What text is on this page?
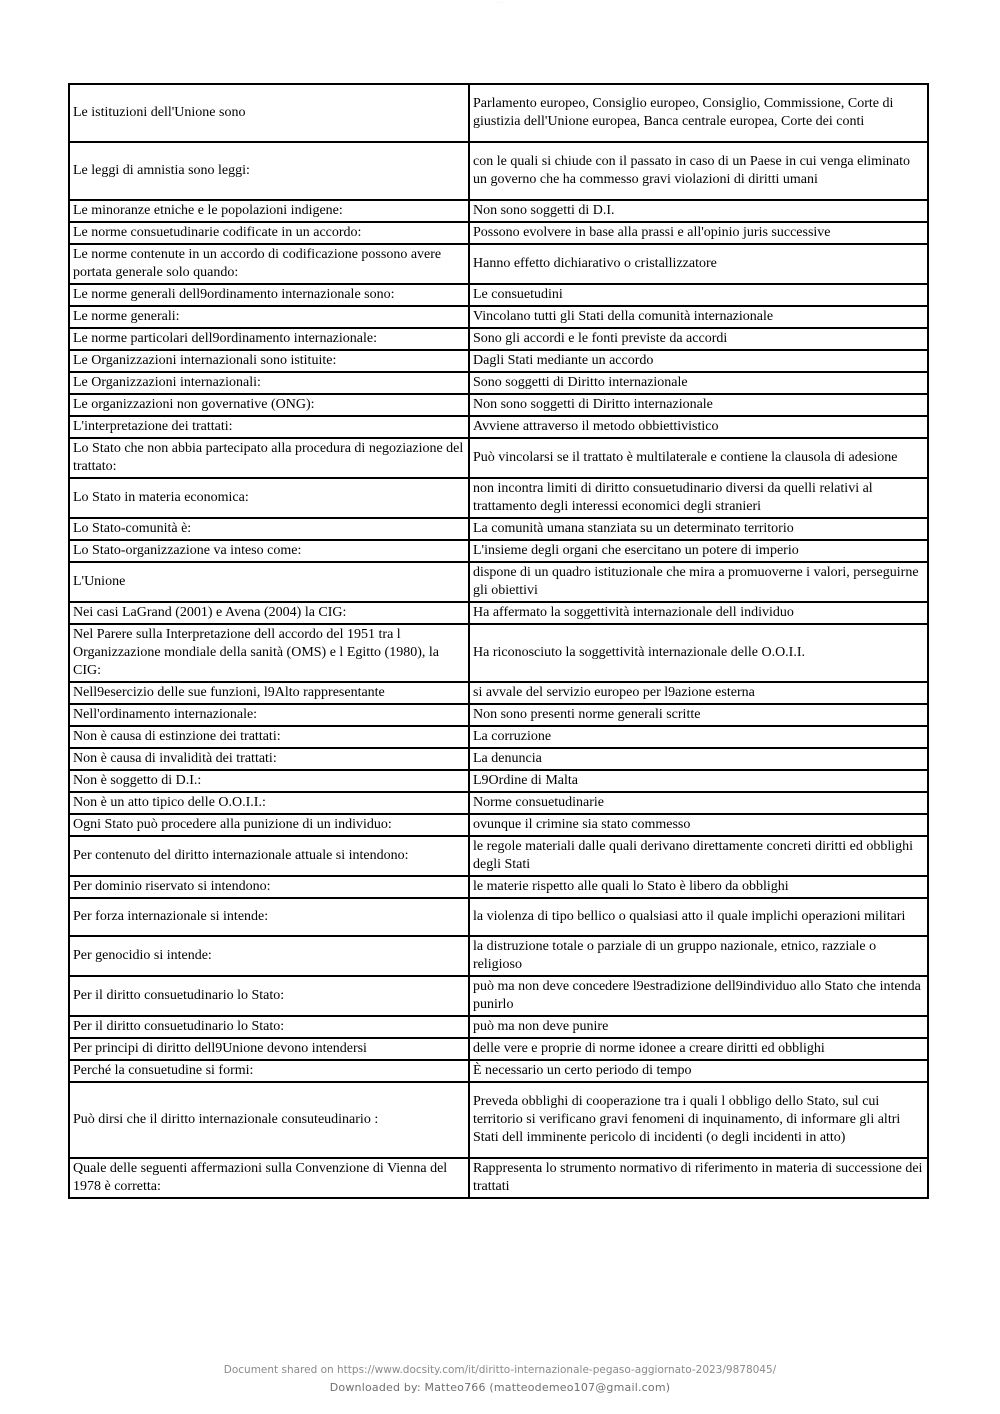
.........
Le istituzioni dell'Unione sono	Parlamento europeo, Consiglio europeo, Consiglio, Commissione, Corte di giustizia dell'Unione europea, Banca centrale europea, Corte dei conti
Le leggi di amnistia sono leggi:	con le quali si chiude con il passato in caso di un Paese in cui venga eliminato un governo che ha commesso gravi violazioni di diritti umani
Le minoranze etniche e le popolazioni indigene:	Non sono soggetti di D.I.
Le norme consuetudinarie codificate in un accordo:	Possono evolvere in base alla prassi e all'opinio juris successive
Le norme contenute in un accordo di codificazione possono avere portata generale solo quando:	Hanno effetto dichiarativo o cristallizzatore
Le norme generali dell9ordinamento internazionale sono:	Le consuetudini
Le norme generali:	Vincolano tutti gli Stati della comunità internazionale
Le norme particolari dell9ordinamento internazionale:	Sono gli accordi e le fonti previste da accordi
Le Organizzazioni internazionali sono istituite:	Dagli Stati mediante un accordo
Le Organizzazioni internazionali:	Sono soggetti di Diritto internazionale
Le organizzazioni non governative (ONG):	Non sono soggetti di Diritto internazionale
L'interpretazione dei trattati:	Avviene attraverso il metodo obbiettivistico
Lo Stato che non abbia partecipato alla procedura di negoziazione del trattato:	Può vincolarsi se il trattato è multilaterale e contiene la clausola di adesione
Lo Stato in materia economica:	non incontra limiti di diritto consuetudinario diversi da quelli relativi al trattamento degli interessi economici degli stranieri
Lo Stato-comunità è:	La comunità umana stanziata su un determinato territorio
Lo Stato-organizzazione va inteso come:	L'insieme degli organi che esercitano un potere di imperio
L'Unione	dispone di un quadro istituzionale che mira a promuoverne i valori, perseguirne gli obiettivi
Nei casi LaGrand (2001) e Avena (2004) la CIG:	Ha affermato la soggettività internazionale dell individuo
Nel Parere sulla Interpretazione dell accordo del 1951 tra l Organizzazione mondiale della sanità (OMS) e l Egitto (1980), la CIG:	Ha riconosciuto la soggettività internazionale delle O.O.I.I.
Nell9esercizio delle sue funzioni, l9Alto rappresentante	si avvale del servizio europeo per l9azione esterna
Nell'ordinamento internazionale:	Non sono presenti norme generali scritte
Non è causa di estinzione dei trattati:	La corruzione
Non è causa di invalidità dei trattati:	La denuncia
Non è soggetto di D.I.:	L9Ordine di Malta
Non è un atto tipico delle O.O.I.I.:	Norme consuetudinarie
Ogni Stato può procedere alla punizione di un individuo:	ovunque il crimine sia stato commesso
Per contenuto del diritto internazionale attuale si intendono:	le regole materiali dalle quali derivano direttamente concreti diritti ed obblighi degli Stati
Per dominio riservato si intendono:	le materie rispetto alle quali lo Stato è libero da obblighi
Per forza internazionale si intende:	la violenza di tipo bellico o qualsiasi atto il quale implichi operazioni militari
Per genocidio si intende:	la distruzione totale o parziale di un gruppo nazionale, etnico, razziale o religioso
Per il diritto consuetudinario lo Stato:	può ma non deve concedere l9estradizione dell9individuo allo Stato che intenda punirlo
Per il diritto consuetudinario lo Stato:	può ma non deve punire
Per principi di diritto dell9Unione devono intendersi	delle vere e proprie di norme idonee a creare diritti ed obblighi
Perché la consuetudine si formi:	È necessario un certo periodo di tempo
Può dirsi che il diritto internazionale consuteudinario :	Preveda obblighi di cooperazione tra i quali l obbligo dello Stato, sul cui territorio si verificano gravi fenomeni di inquinamento, di informare gli altri Stati dell imminente pericolo di incidenti (o degli incidenti in atto)
Quale delle seguenti affermazioni sulla Convenzione di Vienna del 1978 è corretta:	Rappresenta lo strumento normativo di riferimento in materia di successione dei trattati
Document shared on https://www.docsity.com/it/diritto-internazionale-pegaso-aggiornato-2023/9878045/
Downloaded by: Matteo766 (matteodemeo107@gmail.com)
